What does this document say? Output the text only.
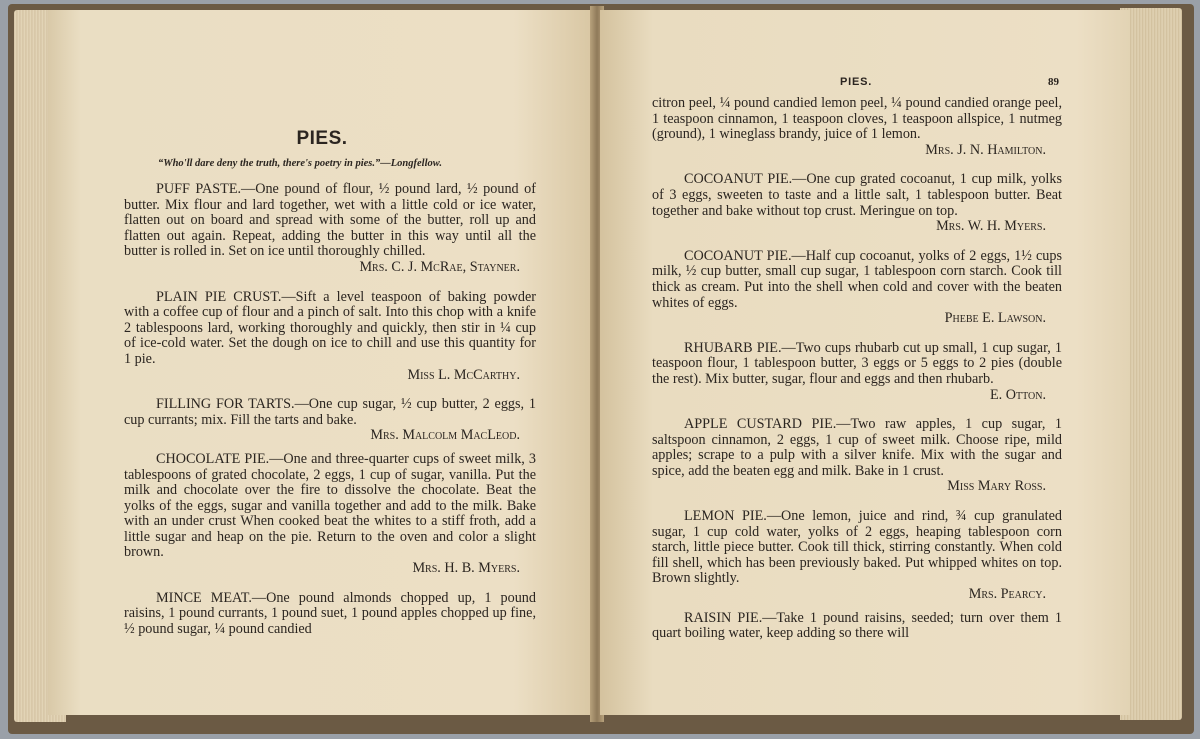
PIES.
“Who'll dare deny the truth, there's poetry in pies.”—Longfellow.

PUFF PASTE.—One pound of flour, ½ pound lard, ½ pound of butter. Mix flour and lard together, wet with a little cold or ice water, flatten out on board and spread with some of the butter, roll up and flatten out again. Repeat, adding the butter in this way until all the butter is rolled in. Set on ice until thoroughly chilled.

Mrs. C. J. McRae, Stayner.

PLAIN PIE CRUST.—Sift a level teaspoon of baking powder with a coffee cup of flour and a pinch of salt. Into this chop with a knife 2 tablespoons lard, working thoroughly and quickly, then stir in ¼ cup of ice-cold water. Set the dough on ice to chill and use this quantity for 1 pie.

Miss L. McCarthy.

FILLING FOR TARTS.—One cup sugar, ½ cup butter, 2 eggs, 1 cup currants; mix. Fill the tarts and bake.

Mrs. Malcolm MacLeod.

CHOCOLATE PIE.—One and three-quarter cups of sweet milk, 3 tablespoons of grated chocolate, 2 eggs, 1 cup of sugar, vanilla. Put the milk and chocolate over the fire to dissolve the chocolate. Beat the yolks of the eggs, sugar and vanilla together and add to the milk. Bake with an under crust When cooked beat the whites to a stiff froth, add a little sugar and heap on the pie. Return to the oven and color a slight brown.

Mrs. H. B. Myers.

MINCE MEAT.—One pound almonds chopped up, 1 pound raisins, 1 pound currants, 1 pound suet, 1 pound apples chopped up fine, ½ pound sugar, ¼ pound candied

PIES.	89

citron peel, ¼ pound candied lemon peel, ¼ pound candied orange peel, 1 teaspoon cinnamon, 1 teaspoon cloves, 1 teaspoon allspice, 1 nutmeg (ground), 1 wineglass brandy, juice of 1 lemon.

Mrs. J. N. Hamilton.

COCOANUT PIE.—One cup grated cocoanut, 1 cup milk, yolks of 3 eggs, sweeten to taste and a little salt, 1 tablespoon butter. Beat together and bake without top crust. Meringue on top.

Mrs. W. H. Myers.

COCOANUT PIE.—Half cup cocoanut, yolks of 2 eggs, 1½ cups milk, ½ cup butter, small cup sugar, 1 tablespoon corn starch. Cook till thick as cream. Put into the shell when cold and cover with the beaten whites of eggs.

Phebe E. Lawson.

RHUBARB PIE.—Two cups rhubarb cut up small, 1 cup sugar, 1 teaspoon flour, 1 tablespoon butter, 3 eggs or 5 eggs to 2 pies (double the rest). Mix butter, sugar, flour and eggs and then rhubarb.

E. Otton.

APPLE CUSTARD PIE.—Two raw apples, 1 cup sugar, 1 saltspoon cinnamon, 2 eggs, 1 cup of sweet milk. Choose ripe, mild apples; scrape to a pulp with a silver knife. Mix with the sugar and spice, add the beaten egg and milk. Bake in 1 crust.

Miss Mary Ross.

LEMON PIE.—One lemon, juice and rind, ¾ cup granulated sugar, 1 cup cold water, yolks of 2 eggs, heaping tablespoon corn starch, little piece butter. Cook till thick, stirring constantly. When cold fill shell, which has been previously baked. Put whipped whites on top. Brown slightly.

Mrs. Pearcy.

RAISIN PIE.—Take 1 pound raisins, seeded; turn over them 1 quart boiling water, keep adding so there will
